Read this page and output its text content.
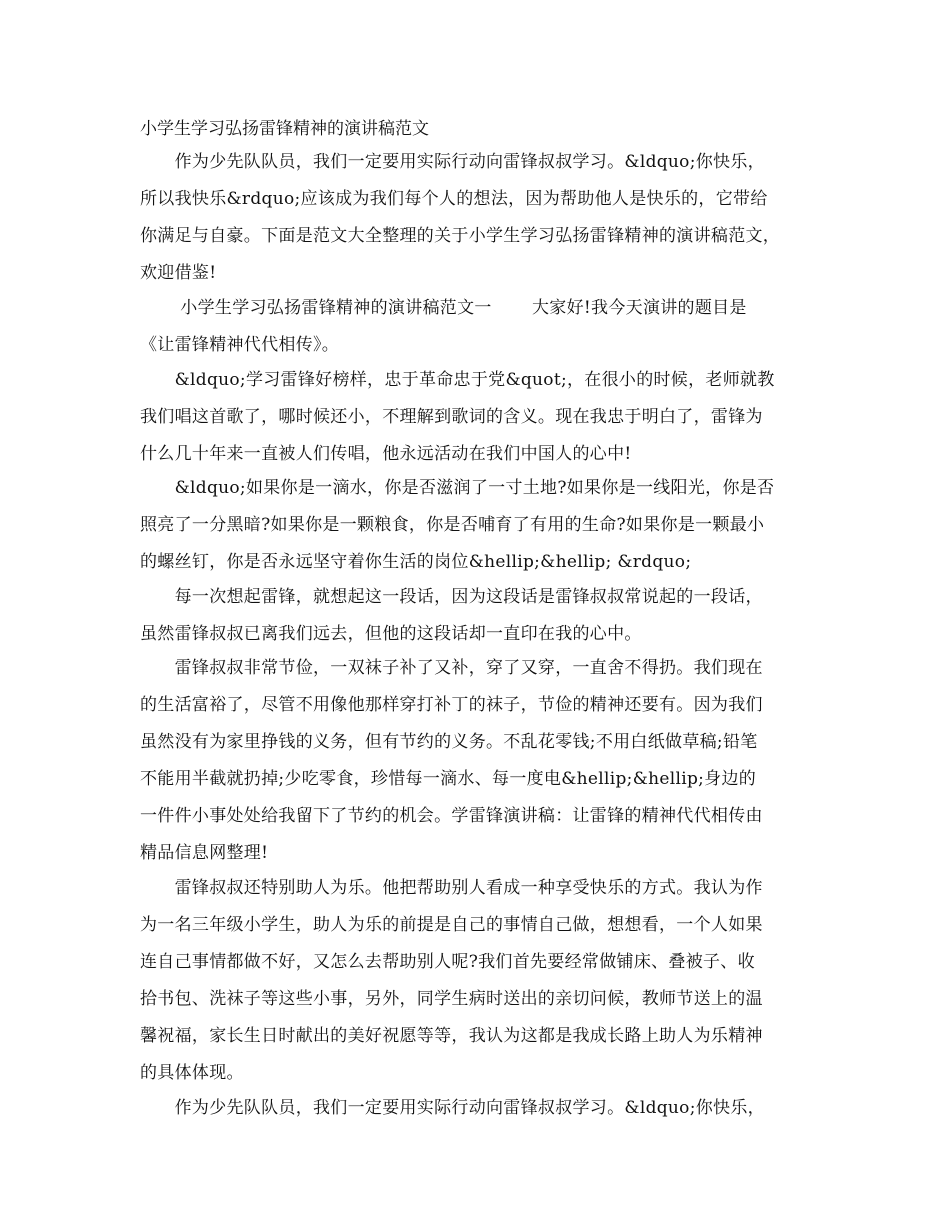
小学生学习弘扬雷锋精神的演讲稿范文
　　作为少先队队员，我们一定要用实际行动向雷锋叔叔学习。&ldquo;你快乐，
所以我快乐&rdquo;应该成为我们每个人的想法，因为帮助他人是快乐的，它带给
你满足与自豪。下面是范文大全整理的关于小学生学习弘扬雷锋精神的演讲稿范文，
欢迎借鉴!
　　 小学生学习弘扬雷锋精神的演讲稿范文一　　 大家好!我今天演讲的题目是
《让雷锋精神代代相传》。
　　&ldquo;学习雷锋好榜样，忠于革命忠于党&quot;，在很小的时候，老师就教
我们唱这首歌了，哪时候还小，不理解到歌词的含义。现在我忠于明白了，雷锋为
什么几十年来一直被人们传唱，他永远活动在我们中国人的心中!
　　&ldquo;如果你是一滴水，你是否滋润了一寸土地?如果你是一线阳光，你是否
照亮了一分黑暗?如果你是一颗粮食，你是否哺育了有用的生命?如果你是一颗最小
的螺丝钉，你是否永远坚守着你生活的岗位&hellip;&hellip; &rdquo;
　　每一次想起雷锋，就想起这一段话，因为这段话是雷锋叔叔常说起的一段话，
虽然雷锋叔叔已离我们远去，但他的这段话却一直印在我的心中。
　　雷锋叔叔非常节俭，一双袜子补了又补，穿了又穿，一直舍不得扔。我们现在
的生活富裕了，尽管不用像他那样穿打补丁的袜子，节俭的精神还要有。因为我们
虽然没有为家里挣钱的义务，但有节约的义务。不乱花零钱;不用白纸做草稿;铅笔
不能用半截就扔掉;少吃零食，珍惜每一滴水、每一度电&hellip;&hellip;身边的
一件件小事处处给我留下了节约的机会。学雷锋演讲稿：让雷锋的精神代代相传由
精品信息网整理!
　　雷锋叔叔还特别助人为乐。他把帮助别人看成一种享受快乐的方式。我认为作
为一名三年级小学生，助人为乐的前提是自己的事情自己做，想想看，一个人如果
连自己事情都做不好，又怎么去帮助别人呢?我们首先要经常做铺床、叠被子、收
拾书包、洗袜子等这些小事，另外，同学生病时送出的亲切问候，教师节送上的温
馨祝福，家长生日时献出的美好祝愿等等，我认为这都是我成长路上助人为乐精神
的具体体现。
　　作为少先队队员，我们一定要用实际行动向雷锋叔叔学习。&ldquo;你快乐，
